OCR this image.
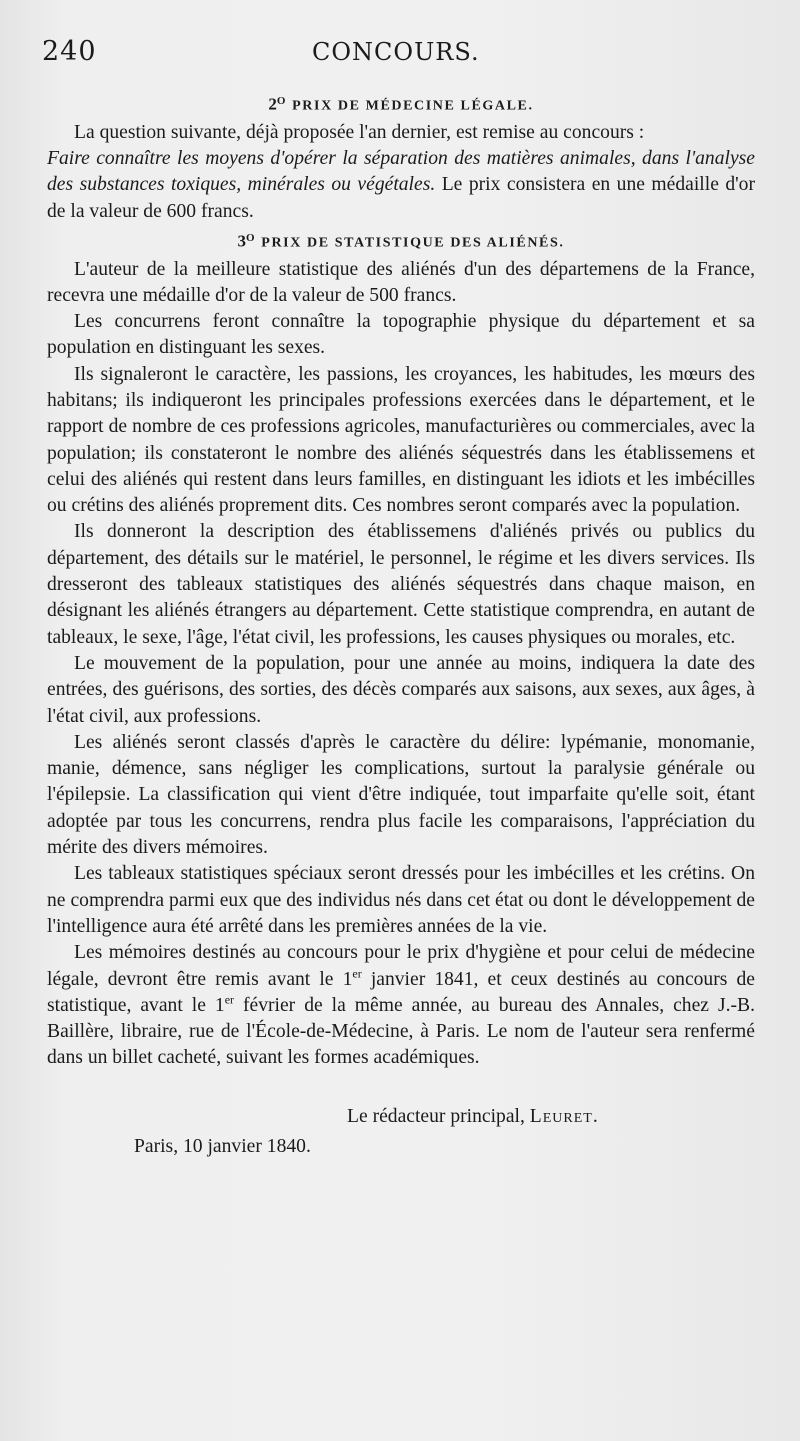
240	CONCOURS.
$2^O$ PRIX DE MÉDECINE LÉGALE.

La question suivante, déjà proposée l'an dernier, est remise au concours :

Faire connaître les moyens d'opérer la séparation des matières animales, dans l'analyse des substances toxiques, minérales ou végétales. Le prix consistera en une médaille d'or de la valeur de 600 francs.

$3^O$ PRIX DE STATISTIQUE DES ALIÉNÉS.

L'auteur de la meilleure statistique des aliénés d'un des départemens de la France, recevra une médaille d'or de la valeur de 500 francs.

Les concurrens feront connaître la topographie physique du département et sa population en distinguant les sexes.

Ils signaleront le caractère, les passions, les croyances, les habitudes, les mœurs des habitans; ils indiqueront les principales professions exercées dans le département, et le rapport de nombre de ces professions agricoles, manufacturières ou commerciales, avec la population; ils constateront le nombre des aliénés séquestrés dans les établissemens et celui des aliénés qui restent dans leurs familles, en distinguant les idiots et les imbécilles ou crétins des aliénés proprement dits. Ces nombres seront comparés avec la population.

Ils donneront la description des établissemens d'aliénés privés ou publics du département, des détails sur le matériel, le personnel, le régime et les divers services. Ils dresseront des tableaux statistiques des aliénés séquestrés dans chaque maison, en désignant les aliénés étrangers au département. Cette statistique comprendra, en autant de tableaux, le sexe, l'âge, l'état civil, les professions, les causes physiques ou morales, etc.

Le mouvement de la population, pour une année au moins, indiquera la date des entrées, des guérisons, des sorties, des décès comparés aux saisons, aux sexes, aux âges, à l'état civil, aux professions.

Les aliénés seront classés d'après le caractère du délire: lypémanie, monomanie, manie, démence, sans négliger les complications, surtout la paralysie générale ou l'épilepsie. La classification qui vient d'être indiquée, tout imparfaite qu'elle soit, étant adoptée par tous les concurrens, rendra plus facile les comparaisons, l'appréciation du mérite des divers mémoires.

Les tableaux statistiques spéciaux seront dressés pour les imbécilles et les crétins. On ne comprendra parmi eux que des individus nés dans cet état ou dont le développement de l'intelligence aura été arrêté dans les premières années de la vie.

Les mémoires destinés au concours pour le prix d'hygiène et pour celui de médecine légale, devront être remis avant le 1er janvier 1841, et ceux destinés au concours de statistique, avant le 1er février de la même année, au bureau des Annales, chez J.-B. Baillère, libraire, rue de l'École-de-Médecine, à Paris. Le nom de l'auteur sera renfermé dans un billet cacheté, suivant les formes académiques.

Le rédacteur principal, Leuret.

Paris, 10 janvier 1840.
